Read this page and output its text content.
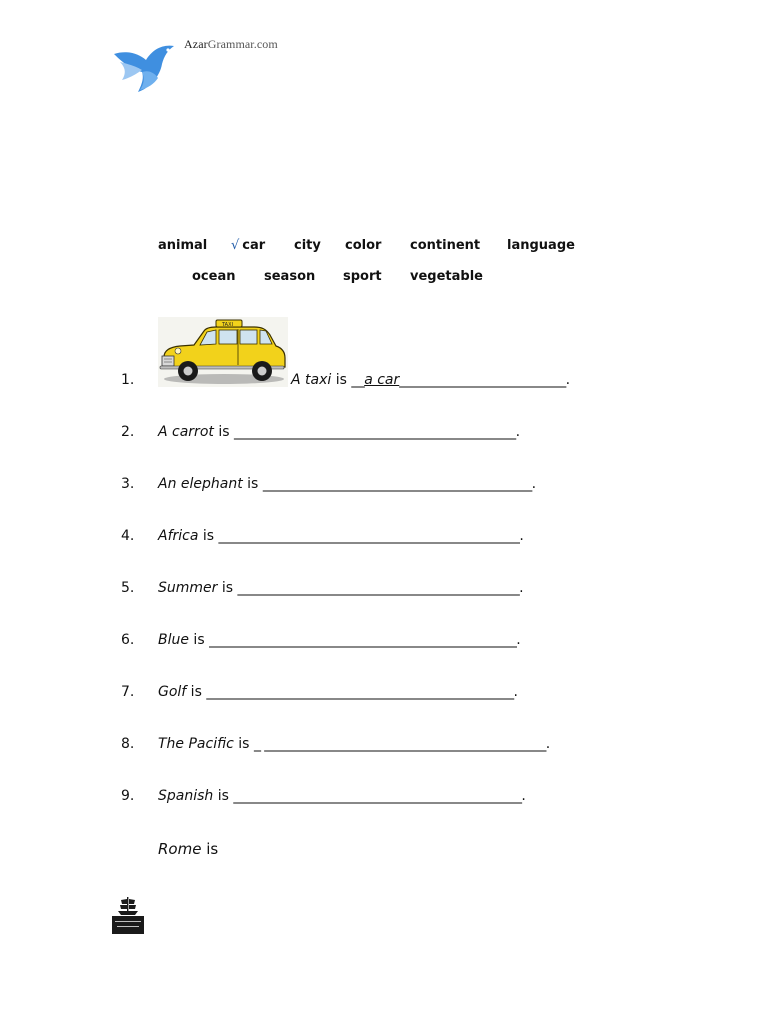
AzarGrammar.com
animal √ car city color continent language
ocean season sport vegetable
TAXI
1.	A taxi is __a car__________________________.
2. A carrot is ____________________________________________.
3. An elephant is __________________________________________.
4. Africa is _______________________________________________.
5. Summer is ____________________________________________.
6. Blue is ________________________________________________.
7. Golf is ________________________________________________.
8. The Pacific is _ ____________________________________________.
9. Spanish is _____________________________________________.
Rome is
